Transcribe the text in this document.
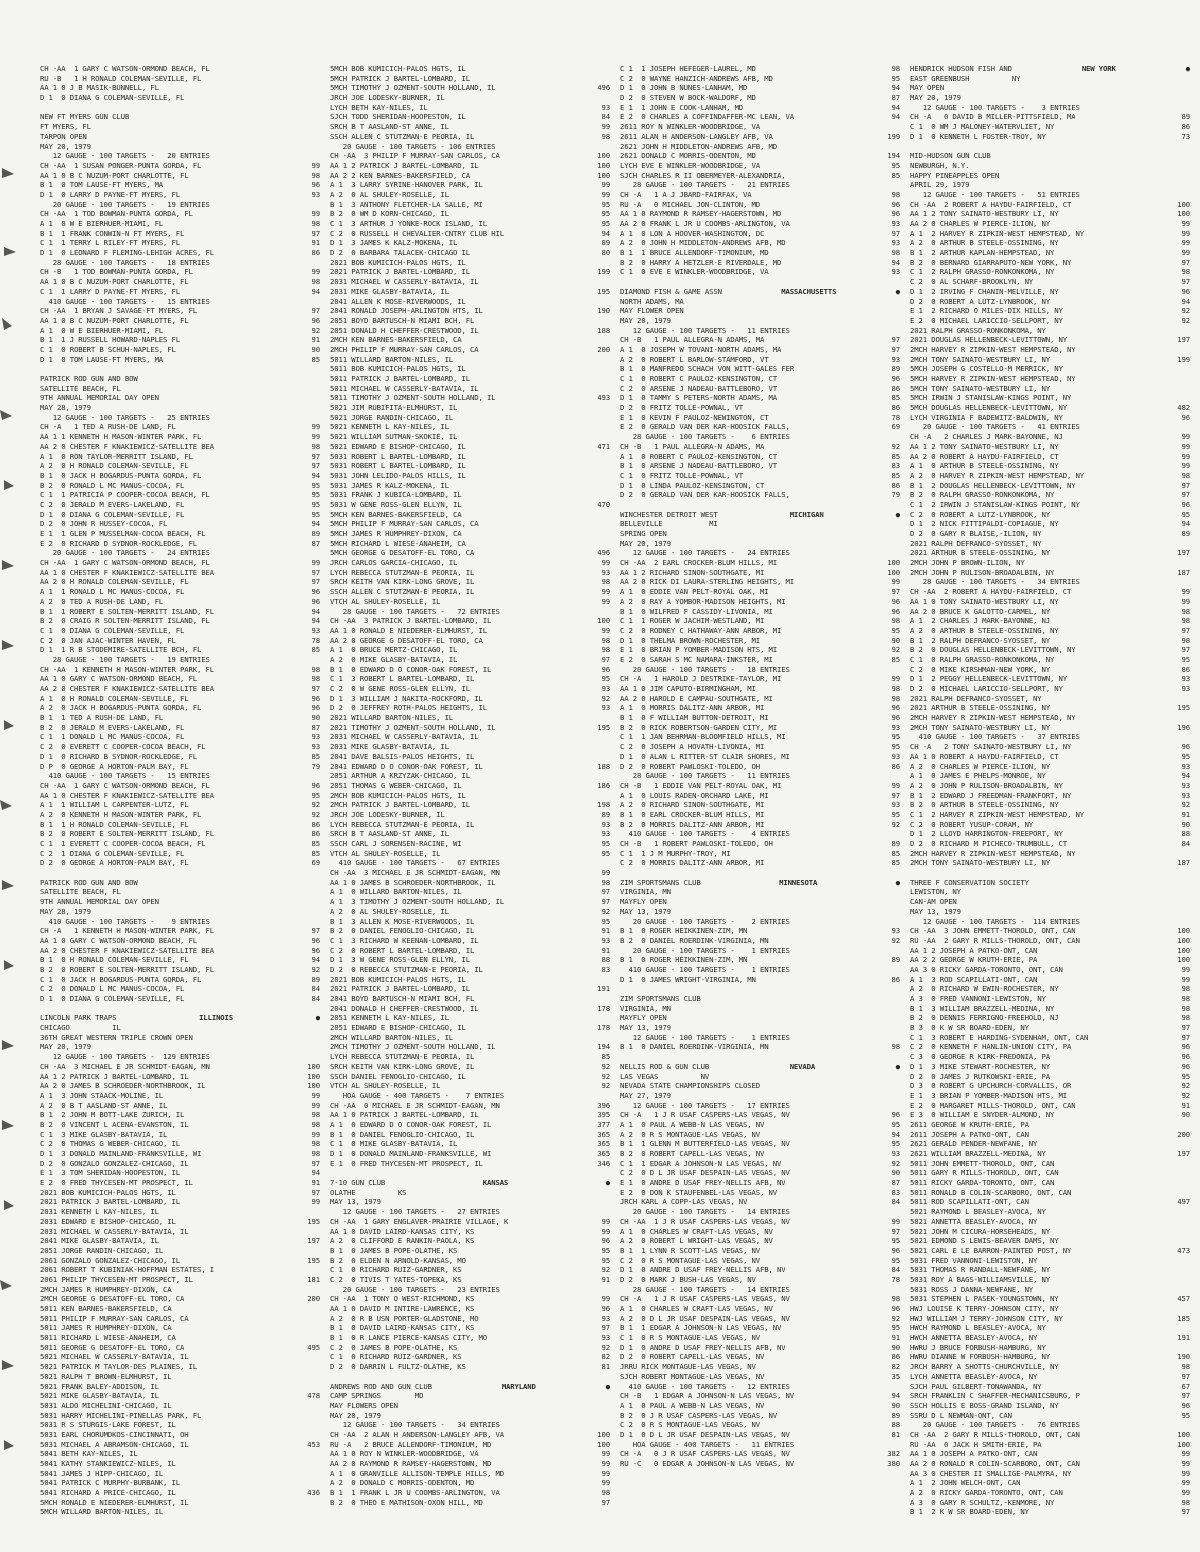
CH -AA  1 GARY C WATSON-ORMOND BEACH, FL
RU -B   1 H RONALD COLEMAN-SEVILLE, FL
AA 1 0 J B MASIK-BUNNELL, FL
D 1  0 DIANA G COLEMAN-SEVILLE, FL
NEW FT MYERS GUN CLUB
FT MYERS, FL
TARPON OPEN
MAY 20, 1979
12 GAUGE - 100 TARGETS -   20 ENTRIES
CH -AA  1 SUSAN PONGER-PUNTA GORDA, FL	99
AA 1 0 B C NUZUM-PORT CHARLOTTE, FL	98
B 1  0 TOM LAUSE-FT MYERS, MA	96
D 1  0 LARRY D PAYNE-FT MYERS, FL	93
20 GAUGE - 100 TARGETS -   19 ENTRIES
CH -AA  1 TOD BOWMAN-PUNTA GORDA, FL	99
A 1  0 W E BIERHUER-MIAMI, FL	98
B 1  1 FRANK CONWIN-N FT MYERS, FL	97
C 1  1 TERRY L RILEY-FT MYERS, FL	91
D 1  0 LEONARD F FLEMING-LEHIGH ACRES, FL	86
28 GAUGE - 100 TARGETS -   18 ENTRIES
CH -B   1 TOD BOWMAN-PUNTA GORDA, FL	99
AA 1 0 B C NUZUM-PORT CHARLOTTE, FL	98
C 1  1 LARRY D PAYNE-FT MYERS, FL	94
410 GAUGE - 100 TARGETS -   15 ENTRIES
CH -AA  1 BRYAN J SAVAGE-FT MYERS, FL	97
AA 1 0 B C NUZUM-PORT CHARLOTTE, FL	96
A 1  0 W E BIERHUER-MIAMI, FL	92
B 1  1 J RUSSELL HOWARD-NAPLES FL	91
C 1  0 ROBERT B SCHUH-NAPLES, FL	90
D 1  0 TOM LAUSE-FT MYERS, MA	85
PATRICK ROD GUN AND BOW
SATELLITE BEACH, FL
9TH ANNUAL MEMORIAL DAY OPEN
MAY 28, 1979
12 GAUGE - 100 TARGETS -   25 ENTRIES
CH -A   1 TED A RUSH-DE LAND, FL	99
AA 1 1 KENNETH H MASON-WINTER PARK, FL	99
AA 2 0 CHESTER F KNAKIEWICZ-SATELLITE BEA	98
A 1  0 RON TAYLOR-MERRITT ISLAND, FL	97
A 2  0 H RONALD COLEMAN-SEVILLE, FL	97
B 1  0 JACK H BOGARDUS-PUNTA GORDA, FL	94
B 2  0 RONALD L MC MANUS-COCOA, FL	95
C 1  1 PATRICIA P COOPER-COCOA BEACH, FL	95
C 2  0 JERALD M EVERS-LAKELAND, FL	95
D 1  0 DIANA G COLEMAN-SEVILLE, FL	95
D 2  0 JOHN R HUSSEY-COCOA, FL	94
E 1  1 GLEN P MUSSELMAN-COCOA BEACH, FL	89
E 2  0 RICHARD D SYDNOR-ROCKLEDGE, FL	87
20 GAUGE - 100 TARGETS -   24 ENTRIES
CH -AA  1 GARY C WATSON-ORMOND BEACH, FL	99
AA 1 0 CHESTER F KNAKIEWICZ-SATELLITE BEA	97
AA 2 0 H RONALD COLEMAN-SEVILLE, FL	97
A 1  1 RONALD L MC MANUS-COCOA, FL	96
A 2  0 TED A RUSH-DE LAND, FL	96
B 1  1 ROBERT E SOLTEN-MERRITT ISLAND, FL	94
B 2  0 CRAIG R SOLTEN-MERRITT ISLAND, FL	94
C 1  0 DIANA G COLEMAN-SEVILLE, FL	93
C 2  0 JAN AJAC-WINTER HAVEN, FL	78
D 1  1 R B STODEMIRE-SATELLITE BCH, FL	85
28 GAUGE - 100 TARGETS -   19 ENTRIES
CH -AA  1 KENNETH H MASON-WINTER PARK, FL	98
AA 1 0 GARY C WATSON-ORMOND BEACH, FL	98
AA 2 0 CHESTER F KNAKIEWICZ-SATELLITE BEA	97
A 1  0 H RONALD COLEMAN-SEVILLE, FL	96
A 2  0 JACK H BOGARDUS-PUNTA GORDA, FL	96
B 1  1 TED A RUSH-DE LAND, FL	90
B 2  0 JERALD M EVERS-LAKELAND, FL	87
C 1  1 DONALD L MC MANUS-COCOA, FL	93
C 2  0 EVERETT C COOPER-COCOA BEACH, FL	93
D 1  0 RICHARD B SYDNOR-ROCKLEDGE, FL	85
D P  0 GEORGE A HORTON-PALM BAY, FL	79
410 GAUGE - 100 TARGETS -   15 ENTRIES
CH -AA  1 GARY C WATSON-ORMOND BEACH, FL	96
AA 1 0 CHESTER F KNAKIEWICZ-SATELLITE BEA	95
A 1  1 WILLIAM L CARPENTER-LUTZ, FL	92
A 2  0 KENNETH H MASON-WINTER PARK, FL	92
B 1  1 H RONALD COLEMAN-SEVILLE, FL	86
B 2  0 ROBERT E SOLTEN-MERRITT ISLAND, FL	86
C 1  1 EVERETT C COOPER-COCOA BEACH, FL	85
C 2  1 DIANA G COLEMAN-SEVILLE, FL	85
D 2  0 GEORGE A HORTON-PALM BAY, FL	69
PATRICK ROD GUN AND BOW
SATELLITE BEACH, FL
9TH ANNUAL MEMORIAL DAY OPEN
MAY 28, 1979
410 GAUGE - 100 TARGETS -    9 ENTRIES
CH -A   1 KENNETH H MASON-WINTER PARK, FL	97
AA 1 0 GARY C WATSON-ORMOND BEACH, FL	96
AA 2 0 CHESTER F KNAKIEWICZ-SATELLITE BEA	96
B 1  0 H RONALD COLEMAN-SEVILLE, FL	94
B 2  0 ROBERT E SOLTEN-MERRITT ISLAND, FL	92
C 1  0 JACK H BOGARDUS-PUNTA GORDA, FL	89
C 2  0 DONALD L MC MANUS-COCOA, FL	84
D 1  0 DIANA G COLEMAN-SEVILLE, FL	84
LINCOLN PARK TRAPS	ILLINOIS	●
CHICAGO          IL
36TH GREAT WESTERN TRIPLE CROWN OPEN
MAY 20, 1979
12 GAUGE - 100 TARGETS -  129 ENTRIES
CH -AA  3 MICHAEL E JR SCHMIDT-EAGAN, MN	100
AA 1 2 PATRICK J BARTEL-LOMBARD, IL	100
AA 2 0 JAMES B SCHROEDER-NORTHBROOK, IL	100
A 1  3 JOHN STAACK-MOLINE, IL	99
A 2  0 B T AASLAND-ST ANNE, IL	99
B 1  2 JOHN M BOTT-LAKE ZURICH, IL	98
B 2  0 VINCENT L ACENA-EVANSTON, IL	98
C 1  3 MIKE GLASBY-BATAVIA, IL	99
C 2  0 THOMAS G WEBER-CHICAGO, IL	98
D 1  3 DONALD MAINLAND-FRANKSVILLE, WI	98
D 2  0 GONZALO GONZALEZ-CHICAGO, IL	97
E 1  3 TOM SHERIDAN-HOOPESTON, IL	94
E 2  0 FRED THYCESEN-MT PROSPECT, IL	91
2021 BOB KUMICICH-PALOS HGTS, IL	97
2021 PATRICK J BARTEL-LOMBARD, IL	99
2031 KENNETH L KAY-NILES, IL
2031 EDWARD E BISHOP-CHICAGO, IL	195
2031 MICHAEL W CASSERLY-BATAVIA, IL
2041 MIKE GLASBY-BATAVIA, IL	197
2051 JORGE RANDIN-CHICAGO, IL
2061 GONZALO GONZALEZ-CHICAGO, IL	195
2061 ROBERT T KUBINIAK-HOFFMAN ESTATES, I
2061 PHILIP THYCESEN-MT PROSPECT, IL	181
2MCH JAMES R HUMPHREY-DIXON, CA
2MCH GEORGE G DESATOFF-EL TORO, CA	200
5011 KEN BARNES-BAKERSFIELD, CA
5011 PHILIP F MURRAY-SAN CARLOS, CA
5011 JAMES R HUMPHREY-DIXON, CA
5011 RICHARD L WIESE-ANAHEIM, CA
5011 GEORGE G DESATOFF-EL TORO, CA	495
5021 MICHAEL W CASSERLY-BATAVIA, IL
5021 PATRICK M TAYLOR-DES PLAINES, IL
5021 RALPH T BROWN-ELMHURST, IL
5021 FRANK BALEY-ADDISON, IL
5021 MIKE GLASBY-BATAVIA, IL	478
5031 ALDO MICHELINI-CHICAGO, IL
5031 HARRY MICHELINI-PINELLAS PARK, FL
5031 R S STURGIS-LAKE FOREST, IL
5031 EARL CHORUMDKOS-CINCINNATI, OH
5031 MICHAEL A ABRAMSON-CHICAGO, IL	453
5041 BETH KAY-NILES, IL
5041 KATHY STANKIEWICZ-NILES, IL
5041 JAMES J HIPP-CHICAGO, IL
5041 PATRICK C MURPHY-BURBANK, IL
5041 RICHARD A PRICE-CHICAGO, IL	436
5MCH RONALD E NIEDERER-ELMHURST, IL
5MCH WILLARD BARTON-NILES, IL
5MCH BOB KUMICICH-PALOS HGTS, IL
5MCH PATRICK J BARTEL-LOMBARD, IL
5MCH TIMOTHY J OZMENT-SOUTH HOLLAND, IL	496
JRCH JOE LODESKY-BURNER, IL
LYCH BETH KAY-NILES, IL	93
SJCH TODD SHERIDAN-HOOPESTON, IL	84
SRCH B T AASLAND-ST ANNE, IL	99
SSCH ALLEN C STUTZMAN-E PEORIA, IL	98
20 GAUGE - 100 TARGETS - 106 ENTRIES
CH -AA  3 PHILIP F MURRAY-SAN CARLOS, CA	100
AA 1 2 PATRICK J BARTEL-LOMBARD, IL	100
AA 2 2 KEN BARNES-BAKERSFIELD, CA	100
A 1  3 LARRY SYRINE-HANOVER PARK, IL	99
A 2  0 AL SHULEY-ROSELLE, IL	99
B 1  3 ANTHONY FLETCHER-LA SALLE, MI	95
B 2  0 WM D KORN-CHICAGO, IL	95
C 1  3 ARTHUR J YONKE-ROCK ISLAND, IL	95
C 2  0 RUSSELL H CHEVALIER-CNTRY CLUB HIL	94
D 1  3 JAMES K KALZ-MOKENA, IL	89
D 2  0 BARBARA TALACEK-CHICAGO IL	80
2021 BOB KUMICICH-PALOS HGTS, IL
2021 PATRICK J BARTEL-LOMBARD, IL	199
2031 MICHAEL W CASSERLY-BATAVIA, IL
2031 MIKE GLASBY-BATAVIA, IL	195
2041 ALLEN K MOSE-RIVERWOODS, IL
2041 RONALD JOSEPH-ARLINGTON HTS, IL	190
2051 BOYD BARTUSCH-N MIAMI BCH, FL
2051 DONALD H CHEFFER-CRESTWOOD, IL	188
2MCH KEN BARNES-BAKERSFIELD, CA
2MCH PHILIP F MURRAY-SAN CARLOS, CA	200
5011 WILLARD BARTON-NILES, IL
5011 BOB KUMICICH-PALOS HGTS, IL
5011 PATRICK J BARTEL-LOMBARD, IL
5011 MICHAEL W CASSERLY-BATAVIA, IL
5011 TIMOTHY J OZMENT-SOUTH HOLLAND, IL	493
5021 JIM RUBIFITA-ELMHURST, IL
5021 JORGE RANDIN-CHICAGO, IL
5021 KENNETH L KAY-NILES, IL
5021 WILLIAM SUTMAN-SKOKIE, IL
5021 EDWARD E BISHOP-CHICAGO, IL	471
5031 ROBERT L BARTEL-LOMBARD, IL
5031 ROBERT L BARTEL-LOMBARD, IL
5031 JOHN LELIDO-PALOS HILLS, IL
5031 JAMES R KALZ-MOKENA, IL
5031 FRANK J KUBICA-LOMBARD, IL
5031 W GENE ROSS-GLEN ELLYN, IL	470
5MCH KEN BARNES-BAKERSFIELD, CA
5MCH PHILIP F MURRAY-SAN CARLOS, CA
5MCH JAMES R HUMPHREY-DIXON, CA
5MCH RICHARD L WIESE-ANAHEIM, CA
5MCH GEORGE G DESATOFF-EL TORO, CA	496
JRCH CARLOS GARCIA-CHICAGO, IL	99
LYCH REBECCA STUTZMAN-E PEORIA, IL	93
SRCH KEITH VAN KIRK-LONG GROVE, IL	98
SSCH ALLEN C STUTZMAN-E PEORIA, IL	99
VTCH AL SHULEY-ROSELLE, IL	99
28 GAUGE - 100 TARGETS -   72 ENTRIES
CH -AA  3 PATRICK J BARTEL-LOMBARD, IL	100
AA 1 0 RONALD E NIEDERER-ELMHURST, IL	99
AA 2 0 GEORGE G DESATOFF-EL TORO, CA	98
A 1  0 BRUCE MERTZ-CHICAGO, IL	98
A 2  0 MIKE GLASBY-BATAVIA, IL	97
B 1  0 EDWARD D O CONOR-OAK FOREST, IL	96
C 1  3 ROBERT L BARTEL-LOMBARD, IL	95
C 2  0 W GENE ROSS-GLEN ELLYN, IL	93
D 1  3 WILLIAM J NAKITA-ROCKFORD, IL	92
D 2  0 JEFFREY ROTH-PALOS HEIGHTS, IL	93
2021 WILLARD BARTON-NILES, IL
2021 TIMOTHY J OZMENT-SOUTH HOLLAND, IL	195
2031 MICHAEL W CASSERLY-BATAVIA, IL
2031 MIKE GLASBY-BATAVIA, IL
2041 DAVE BALSIS-PALOS HEIGHTS, IL
2041 EDWARD D O CONOR-OAK FOREST, IL	188
2051 ARTHUR A KRZYZAK-CHICAGO, IL
2051 THOMAS G WEBER-CHICAGO, IL	186
2MCH BOB KUMICICH-PALOS HGTS, IL
2MCH PATRICK J BARTEL-LOMBARD, IL	198
JRCH JOE LODESKY-BURNER, IL	89
LYCH REBECCA STUTZMAN-E PEORIA, IL	93
SRCH B T AASLAND-ST ANNE, IL	93
SSCH CARL J SORENSEN-RACINE, WI	95
VTCH AL SHULEY-ROSELLE, IL	95
410 GAUGE - 100 TARGETS -   67 ENTRIES
CH -AA  3 MICHAEL E JR SCHMIDT-EAGAN, MN	99
AA 1 0 JAMES B SCHROEDER-NORTHBROOK, IL	98
A 1  0 WILLARD BARTON-NILES, IL	97
A 1  3 TIMOTHY J OZMENT-SOUTH HOLLAND, IL	97
A 2  0 AL SHULEY-ROSELLE, IL	92
B 1  3 ALLEN K MOSE-RIVERWOODS, IL	95
B 2  0 DANIEL FENOGLIO-CHICAGO, IL	91
C 1  3 RICHARD W KEENAN-LOMBARD, IL	93
C 2  0 ROBERT L BARTEL-LOMBARD, IL	91
D 1  3 W GENE ROSS-GLEN ELLYN, IL	88
D 2  0 REBECCA STUTZMAN-E PEORIA, IL	83
2021 BOB KUMICICH-PALOS HGTS, IL
2021 PATRICK J BARTEL-LOMBARD, IL	191
2041 BOYD BARTUSCH-N MIAMI BCH, FL
2041 DONALD H CHEFFER-CRESTWOOD, IL	178
2051 KENNETH L KAY-NILES, IL
2051 EDWARD E BISHOP-CHICAGO, IL	178
2MCH WILLARD BARTON-NILES, IL
2MCH TIMOTHY J OZMENT-SOUTH HOLLAND, IL	194
LYCH REBECCA STUTZMAN-E PEORIA, IL	85
SRCH KEITH VAN KIRK-LONG GROVE, IL	92
SSCH DANIEL FENOGLIO-CHICAGO, IL	92
VTCH AL SHULEY-ROSELLE, IL	92
HOA GAUGE - 400 TARGETS -    7 ENTRIES
CH -AA  0 MICHAEL E JR SCHMIDT-EAGAN, MN	396
AA 1 0 PATRICK J BARTEL-LOMBARD, IL	395
A 1  0 EDWARD D O CONOR-OAK FOREST, IL	377
B 1  0 DANIEL FENOGLIO-CHICAGO, IL	365
C 1  0 MIKE GLASBY-BATAVIA, IL	365
D 1  0 DONALD MAINLAND-FRANKSVILLE, WI	365
E 1  0 FRED THYCESEN-MT PROSPECT, IL	346
7-10 GUN CLUB	KANSAS	●
OLATHE          KS
MAY 13, 1979
12 GAUGE - 100 TARGETS -   27 ENTRIES
CH -AA  1 GARY ENGLAVER-PRAIRIE VILLAGE, K	99
AA 1 0 DAVID LAIRD-KANSAS CITY, KS	99
A 2  0 CLIFFORD E RANKIN-PAOLA, KS	96
B 1  0 JAMES B POPE-OLATHE, KS	95
B 2  0 ELDEN N ARNOLD-KANSAS, MO	95
C 1  0 RICHARD RUIZ-GARDNER, KS	92
C 2  0 TIVIS T YATES-TOPEKA, KS	91
20 GAUGE - 100 TARGETS -   23 ENTRIES
CH -AA  1 TONY O WEST-RICHMOND, KS	99
AA 1 0 DAVID M INTIRE-LAWRENCE, KS	96
A 2  0 R B USN PORTER-GLADSTONE, MO	93
B 1  0 DAVID LAIRD-KANSAS CITY, KS	97
B 1  0 R LANCE PIERCE-KANSAS CITY, MO	93
C 2  0 JAMES B POPE-OLATHE, KS	92
C 1  0 RICHARD RUIZ-GARDNER, KS	82
D 2  0 DARRIN L FULTZ-OLATHE, KS	81
ANDREWS ROD AND GUN CLUB	MARYLAND	●
CAMP SPRINGS        MD
MAY FLOWERS OPEN
MAY 20, 1979
12 GAUGE - 100 TARGETS -   34 ENTRIES
CH -AA  2 ALAN H ANDERSON-LANGLEY AFB, VA	100
RU -A   2 BRUCE ALLENDORF-TIMONIUM, MD	100
AA 1 0 ROY N WINKLER-WOODBRIDGE, VA	99
AA 2 0 RAYMOND R RAMSEY-HAGERSTOWN, MD	99
A 1  0 GRANVILLE ALLISON-TEMPLE HILLS, MD	99
A 2  0 DONALD C MORRIS-ODENTON, MD	99
B 1  1 FRANK L JR U COOMBS-ARLINGTON, VA	98
B 2  0 THEO E MATHISON-OXON HILL, MD	97
C 1  1 JOSEPH HEFEGER-LAUREL, MD	98
C 2  0 WAYNE HANZICH-ANDREWS AFB, MD	95
D 1  0 JOHN B NUNES-LANHAM, MD	94
D 2  0 STEVEN W BOCK-WALDORF, MD	87
E 1  1 JOHN E COOK-LANHAM, MD	94
E 2  0 CHARLES A COFFINDAFFER-MC LEAN, VA	94
2611 ROY N WINKLER-WOODBRIDGE, VA
2611 ALAN H ANDERSON-LANGLEY AFB, VA	199
2621 JOHN H MIDDLETON-ANDREWS AFB, MD
2621 DONALD C MORRIS-ODENTON, MD	194
LYCH EVE E WINKLER-WOODBRIDGE, VA	95
SJCH CHARLES R II OBERMEYER-ALEXANDRIA,	85
28 GAUGE - 100 TARGETS -   21 ENTRIES
CH -A   1 A J JBARD-FAIRFAX, VA	98
RU -A   0 MICHAEL JON-CLINTON, MD	96
AA 1 0 RAYMOND R RAMSEY-HAGERSTOWN, MD	96
AA 2 0 FRANK L JR U COOMBS-ARLINGTON, VA	93
A 1  0 LON A HOOVER-WASHINGTON, DC	97
A 2  0 JOHN H MIDDLETON-ANDREWS AFB, MD	93
B 1  1 BRUCE ALLENDORF-TIMONIUM, MD	98
B 2  0 HARRY A HETZLER-E RIVERDALE, MD	94
C 1  0 EVE E WINKLER-WOODBRIDGE, VA	93
DIAMOND FISH & GAME ASSN	MASSACHUSETTS	●
NORTH ADAMS, MA
MAY FLOWER OPEN
MAY 20, 1979
12 GAUGE - 100 TARGETS -   11 ENTRIES
CH -B   1 PAUL ALLEGRA-N ADAMS, MA	97
A 1  0 JOSEPH W TOVANI-NORTH ADAMS, MA	97
A 2  0 ROBERT L BARLOW-STAMFORD, VT	93
B 1  0 MANFREDO SCHACH VON WITT-GALES FER	89
C 1  0 ROBERT C PAULOZ-KENSINGTON, CT	96
C 2  0 ARSENE J NADEAU-BATTLEBORO, VT	86
D 1  0 TAMMY S PETERS-NORTH ADAMS, MA	85
D 2  0 FRITZ TOLLE-POWNAL, VT	86
E 1  0 KEVIN F PAULOZ-NEWINGTON, CT	78
E 2  0 GERALD VAN DER KAR-HOOSICK FALLS,	69
28 GAUGE - 100 TARGETS -    6 ENTRIES
CH -B   1 PAUL ALLEGRA-N ADAMS, MA	92
A 1  0 ROBERT C PAULOZ-KENSINGTON, CT	85
B 1  0 ARSENE J NADEAU-BATTLEBORO, VT	83
C 1  0 FRITZ TOLLE-POWNAL, VT	85
D 1  0 LINDA PAULOZ-KENSINGTON, CT	86
D 2  0 GERALD VAN DER KAR-HOOSICK FALLS,	79
WINCHESTER DETROIT WEST	MICHIGAN	●
BELLEVILLE           MI
SPRING OPEN
MAY 20, 1979
12 GAUGE - 100 TARGETS -   24 ENTRIES
CH -AA  2 EARL CROCKER-BLUM HILLS, MI	100
AA 1 2 RICHARD SINON-SOUTHGATE, MI	100
AA 2 0 RICK DI LAURA-STERLING HEIGHTS, MI	99
A 1  0 EDDIE VAN PELT-ROYAL OAK, MI	97
A 2  0 RAY A YOMBOR-MADISON HEIGHTS, MI	96
B 1  0 WILFRED F CASSIDY-LIVONIA, MI	96
C 1  1 ROGER W JACHIM-WESTLAND, MI	98
C 2  0 RODNEY C HATHAWAY-ANN ARBOR, MI	95
D 1  0 THELMA BROWN-ROCHESTER, MI	90
E 1  0 BRIAN P YOMBER-MADISON HTS, MI	92
E 2  0 SARAH S MC NAMARA-INKSTER, MI	85
20 GAUGE - 100 TARGETS -   18 ENTRIES
CH -A   1 HAROLD J DESTRIKE-TAYLOR, MI	99
AA 1 0 JIM CAPUTO-BIRMINGHAM, MI	98
AA 2 0 HAROLD E CAMPAU-SOUTHGATE, MI	98
A 1  0 MORRIS DALITZ-ANN ARBOR, MI	96
B 1  0 F WILLIAM BUTTON-DETROIT, MI	96
B 2  0 RICK ROBERTSON-GARDEN CITY, MI	93
C 1  1 JAN BEHRMAN-BLOOMFIELD HILLS, MI	95
C 2  0 JOSEPH A HOVATH-LIVONIA, MI	95
D 1  0 ALAN L RITTER-ST CLAIR SHORES, MI	93
D 2  0 ROBERT PAWLOSKI-TOLEDO, OH	86
28 GAUGE - 100 TARGETS -   11 ENTRIES
CH -B   1 EDDIE VAN PELT-ROYAL OAK, MI	99
A 1  0 LOUIS RADEN-ORCHARD LAKE, MI	97
A 2  0 RICHARD SINON-SOUTHGATE, MI	93
B 1  0 EARL CROCKER-BLUM HILLS, MI	95
B 2  0 MORRIS DALITZ-ANN ARBOR, MI	92
410 GAUGE - 100 TARGETS -    4 ENTRIES
CH -B   1 ROBERT PAWLOSKI-TOLEDO, OH	89
C 1  1 J M MURPHY-TROY, MI	85
C 2  0 MORRIS DALITZ-ANN ARBOR, MI	85
ZIM SPORTSMANS CLUB	MINNESOTA	●
VIRGINIA, MN
MAYFLY OPEN
MAY 13, 1979
20 GAUGE - 100 TARGETS -    2 ENTRIES
B 1  0 ROGER HEIKKINEN-ZIM, MN	93
B 2  0 DANIEL ROERDINK-VIRGINIA, MN	92
20 GAUGE - 100 TARGETS -    1 ENTRIES
B 1  0 ROGER HEIKKINEN-ZIM, MN	89
410 GAUGE - 100 TARGETS -    1 ENTRIES
D 1  0 JAMES WRIGHT-VIRGINIA, MN	86
ZIM SPORTSMANS CLUB
VIRGINIA, MN
MAYFLY OPEN
MAY 13, 1979
12 GAUGE - 100 TARGETS -    1 ENTRIES
B 1  0 DANIEL ROERDINK-VIRGINIA, MN	98
NELLIS ROD & GUN CLUB	NEVADA	●
LAS VEGAS          NV
NEVADA STATE CHAMPIONSHIPS CLOSED
MAY 27, 1979
12 GAUGE - 100 TARGETS -   17 ENTRIES
CH -A   1 J R USAF CASPERS-LAS VEGAS, NV	96
A 1  0 PAUL A WEBB-N LAS VEGAS, NV	95
A 2  0 R S MONTAGUE-LAS VEGAS, NV	94
B 1  1 GLENN M BUTTERFIELD-LAS VEGAS, NV	95
B 2  0 ROBERT CAPELL-LAS VEGAS, NV	93
C 1  1 EDGAR A JOHNSON-N LAS VEGAS, NV	92
C 2  0 D L JR USAF DESPAIN-LAS VEGAS, NV	90
E 1  0 ANDRE D USAF FREY-NELLIS AFB, NV	87
E 2  0 DON K STAUFENBEL-LAS VEGAS, NV	83
JRCH KARL A COPP-LAS VEGAS, NV	84
20 GAUGE - 100 TARGETS -   14 ENTRIES
CH -AA  1 J R USAF CASPERS-LAS VEGAS, NV	99
A 1  0 CHARLES W CRAFT-LAS VEGAS, NV	97
A 2  0 ROBERT L WRIGHT-LAS VEGAS, NV	95
B 1  1 LYNN R SCOTT-LAS VEGAS, NV	96
C 2  0 R S MONTAGUE-LAS VEGAS, NV	95
D 1  0 ANDRE D USAF FREY-NELLIS AFB, NV	84
D 2  0 MARK J BUSH-LAS VEGAS, NV	78
28 GAUGE - 100 TARGETS -   14 ENTRIES
CH -A   1 J R USAF CASPERS-LAS VEGAS, NV	98
A 1  0 CHARLES W CRAFT-LAS VEGAS, NV	96
A 2  0 D L JR USAF DESPAIN-LAS VEGAS, NV	92
B 1  1 EDGAR A JOHNSON-N LAS VEGAS, NV	95
C 1  0 R S MONTAGUE-LAS VEGAS, NV	91
D 1  0 ANDRE D USAF FREY-NELLIS AFB, NV	90
D 2  0 ROBERT CAPELL-LAS VEGAS, NV	86
JRRU RICK MONTAGUE-LAS VEGAS, NV	82
SJCH ROBERT MONTAGUE-LAS VEGAS, NV	35
410 GAUGE - 100 TARGETS -   12 ENTRIES
CH -B   1 EDGAR A JOHNSON-N LAS VEGAS, NV	94
A 1  0 PAUL A WEBB-N LAS VEGAS, NV	90
B 2  0 J R USAF CASPERS-LAS VEGAS, NV	89
C 2  0 R S MONTAGUE-LAS VEGAS, NV	88
D 1  0 D L JR USAF DESPAIN-LAS VEGAS, NV	81
HOA GAUGE - 400 TARGETS -   11 ENTRIES
CH -A   0 J R USAF CASPERS-LAS VEGAS, NV	382
RU -C   0 EDGAR A JOHNSON-N LAS VEGAS, NV	380
HENDRICK HUDSON FISH AND	NEW YORK	●
EAST GREENBUSH          NY
MAY OPEN
MAY 20, 1979
12 GAUGE - 100 TARGETS -    3 ENTRIES
CH -A   0 DAVID B MILLER-PITTSFIELD, MA	89
C 1  0 WM J MALONEY-WATERVLIET, NY	86
D 1  0 KENNETH L FOSTER-TROY, NY	73
MID-HUDSON GUN CLUB
NEWBURGH, N.Y.
HAPPY PINEAPPLES OPEN
APRIL 29, 1979
12 GAUGE - 100 TARGETS -   51 ENTRIES
CH -AA  2 ROBERT A HAYDU-FAIRFIELD, CT	100
AA 1 2 TONY SAINATO-WESTBURY LI, NY	100
AA 2 0 CHARLES W PIERCE-ILION, NY	99
A 1  2 HARVEY R ZIPKIN-WEST HEMPSTEAD, NY	99
A 2  0 ARTHUR B STEELE-OSSINING, NY	99
B 1  2 ARTHUR KAPLAN-HEMPSTEAD, NY	99
B 2  0 BERNARD GIARRAPUTO-NEW YORK, NY	97
C 1  2 RALPH GRASSO-RONKONKOMA, NY	98
C 2  0 AL SCHARF-BROOKLYN, NY	97
D 1  2 IRVING F CHANIN-MELVILLE, NY	96
D 2  0 ROBERT A LUTZ-LYNBROOK, NY	94
E 1  2 RICHARD O MILES-DIX HILLS, NY	92
E 2  0 MICHAEL LARICCIO-SELLPORT, NY	92
2021 RALPH GRASSO-RONKONKOMA, NY
2021 DOUGLAS HELLENBECK-LEVITTOWN, NY	197
2MCH HARVEY R ZIPKIN-WEST HEMPSTEAD, NY
2MCH TONY SAINATO-WESTBURY LI, NY	199
5MCH JOSEPH G COSTELLO-M MERRICK, NY
5MCH HARVEY R ZIPKIN-WEST HEMPSTEAD, NY
5MCH TONY SAINATO-WESTBURY LI, NY
5MCH IRWIN J STANISLAW-KINGS POINT, NY
5MCH DOUGLAS HELLENBECK-LEVITTOWN, NY	482
LYCH VIRGINIA F BADEWITZ-BALDWIN, NY	96
20 GAUGE - 100 TARGETS -   41 ENTRIES
CH -A   2 CHARLES J MARK-BAYONNE, NJ	99
AA 1 2 TONY SAINATO-WESTBURY LI, NY	99
AA 2 0 ROBERT A HAYDU-FAIRFIELD, CT	99
A 1  0 ARTHUR B STEELE-OSSINING, NY	99
A 2  0 HARVEY R ZIPKIN-WEST HEMPSTEAD, NY	98
B 1  2 DOUGLAS HELLENBECK-LEVITTOWN, NY	97
B 2  0 RALPH GRASSO-RONKONKOMA, NY	97
C 1  2 IRWIN J STANISLAW-KINGS POINT, NY	96
C 2  0 ROBERT A LUTZ-LYNBROOK, NY	95
D 1  2 NICK FITTIPALDI-COPIAGUE, NY	94
D 2  0 GARY R BLAISE,-ILION, NY	89
2021 RALPH DEFRANCO-SYOSSET, NY
2021 ARTHUR B STEELE-OSSINING, NY	197
2MCH JOHN P BROWN-ILION, NY
2MCH JOHN P RULISON-BROADALBIN, NY	187
28 GAUGE - 100 TARGETS -   34 ENTRIES
CH -AA  2 ROBERT A HAYDU-FAIRFIELD, CT	99
AA 1 0 TONY SAINATO-WESTBURY LI, NY	99
AA 2 0 BRUCE K GALOTTO-CARMEL, NY	98
A 1  2 CHARLES J MARK-BAYONNE, NJ	98
A 2  0 ARTHUR B STEELE-OSSINING, NY	97
B 1  2 RALPH DEFRANCO-SYOSSET, NY	98
B 2  0 DOUGLAS HELLENBECK-LEVITTOWN, NY	97
C 1  0 RALPH GRASSO-RONKONKOMA, NY	95
C 2  0 MIKE KIRSHMAN-NEW YORK, NY	86
D 1  2 PEGGY HELLENBECK-LEVITTOWN, NY	93
D 2  0 MICHAEL LARICCIO-SELLPORT, NY	93
2021 RALPH DEFRANCO-SYOSSET, NY
2021 ARTHUR B STEELE-OSSINING, NY	195
2MCH HARVEY R ZIPKIN-WEST HEMPSTEAD, NY
2MCH TONY SAINATO-WESTBURY LI, NY	196
410 GAUGE - 100 TARGETS -   37 ENTRIES
CH -A   2 TONY SAINATO-WESTBURY LI, NY	96
AA 1 0 ROBERT A HAYDU-FAIRFIELD, CT	95
A 2  0 CHARLES W PIERCE-ILION, NY	93
A 1  0 JAMES E PHELPS-MONROE, NY	94
A 2  0 JOHN P RULISON-BROADALBIN, NY	93
B 1  2 EDWARD J FREEDMAN-FRANKFORT, NY	93
B 2  0 ARTHUR B STEELE-OSSINING, NY	92
C 1  2 HARVEY R ZIPKIN-WEST HEMPSTEAD, NY	91
C 2  0 ROBERT YUSUP-CORAM, NY	90
D 1  2 LLOYD HARRINGTON-FREEPORT, NY	88
D 2  0 RICHARD M PICHECO-TRUMBULL, CT	84
2MCH HARVEY R ZIPKIN-WEST HEMPSTEAD, NY
2MCH TONY SAINATO-WESTBURY LI, NY	187
THREE F CONSERVATION SOCIETY
LEWISTON, NY
CAN-AM OPEN
MAY 13, 1979
12 GAUGE - 100 TARGETS -  114 ENTRIES
CH -AA  3 JOHN EMMETT-THOROLD, ONT, CAN	100
RU -AA  2 GARY R MILLS-THOROLD, ONT, CAN	100
AA 1 2 JOSEPH A PATKO-ONT, CAN	100
AA 2 2 GEORGE W KRUTH-ERIE, PA	100
AA 3 0 RICKY GARDA-TORONTO, ONT, CAN	99
A 1  3 ROD SCAPILLATI-ONT, CAN	99
A 2  0 RICHARD W EWIN-ROCHESTER, NY	98
A 3  0 FRED VANNONI-LEWISTON, NY	98
B 1  3 WILLIAM BRAZZELL-MEDINA, NY	98
B 2  0 DENNIS FERRIGNO-FREEHOLD, NJ	98
B 3  0 K W SR BOARD-EDEN, NY	97
C 1  3 ROBERT E HARDING-SYDENHAM, ONT, CAN	97
C 2  0 KENNETH F HANLIN-UNION CITY, PA	96
C 3  0 GEORGE R KIRK-FREDONIA, PA	96
D 1  3 MIKE STEWART-ROCHESTER, NY	96
D 2  0 JAMES J RUTKOWSKI-ERIE, PA	95
D 3  0 ROBERT G UPCHURCH-CORVALLIS, OR	92
E 1  3 BRIAN P YOMBER-MADISON HTS, MI	92
E 2  0 MARGARET MILLS-THOROLD, ONT, CAN	91
E 3  0 WILLIAM E SNYDER-ALMOND, NY	90
2611 GEORGE W KRUTH-ERIE, PA
2611 JOSEPH A PATKO-ONT, CAN	200
2621 GERALD PENDER-NEWFANE, NY
2621 WILLIAM BRAZZELL-MEDINA, NY	197
5011 JOHN EMMETT-THOROLD, ONT, CAN
5011 GARY R MILLS-THOROLD, ONT, CAN
5011 RICKY GARDA-TORONTO, ONT, CAN
5011 RONALD B COLIN-SCARBORO, ONT, CAN
5011 ROD SCAPILLATI-ONT, CAN	497
5021 RAYMOND L BEASLEY-AVOCA, NY
5021 ANNETTA BEASLEY-AVOCA, NY
5021 JOHN M CICURA-HORSEHEADS, NY
5021 EDMOND S LEWIS-BEAVER DAMS, NY
5021 CARL E LE BARRON-PAINTED POST, NY	473
5031 FRED VANNONI-LEWISTON, NY
5031 THOMAS R RANDALL-NEWFANE, NY
5031 ROY A BAGS-WILLIAMSVILLE, NY
5031 ROSS J DANNA-NEWFANE, NY
5031 STEPHEN L PASEK-YOUNGSTOWN, NY	457
HWJ LOUISE K TERRY-JOHNSON CITY, NY
HWJ WILLIAM J TERRY-JOHNSON CITY, NY	185
HWCH RAYMOND L BEASLEY-AVOCA, NY
HWCH ANNETTA BEASLEY-AVOCA, NY	191
HWRU J BRUCE FORBUSH-HAMBURG, NY
HWRU DIANNE W FORBUSH-HAMBURG, NY	190
JRCH BARRY A SHOTTS-CHURCHVILLE, NY	98
LYCH ANNETTA BEASLEY-AVOCA, NY	97
SJCH PAUL GILBERT-TONAWANDA, NY	67
SRCH FRANKLIN C SHAFFER-MECHANICSBURG, P	97
SSCH HOLLIS E BOSS-GRAND ISLAND, NY	96
SSRU D L NEWMAN-ONT, CAN	95
20 GAUGE - 100 TARGETS -   76 ENTRIES
CH -AA  2 GARY R MILLS-THOROLD, ONT, CAN	100
RU -AA  0 JACK H SMITH-ERIE, PA	100
AA 1 0 JOSEPH A PATKO-ONT, CAN	99
AA 2 0 RONALD R COLIN-SCARBORO, ONT, CAN	99
AA 3 0 CHESTER II SMALLIGE-PALMYRA, NY	99
A 1  2 JOHN WELCH-ONT, CAN	99
A 2  0 RICKY GARDA-TORONTO, ONT, CAN	99
A 3  0 GARY R SCHULTZ,-KENMORE, NY	98
B 1  2 K W SR BOARD-EDEN, NY	97
